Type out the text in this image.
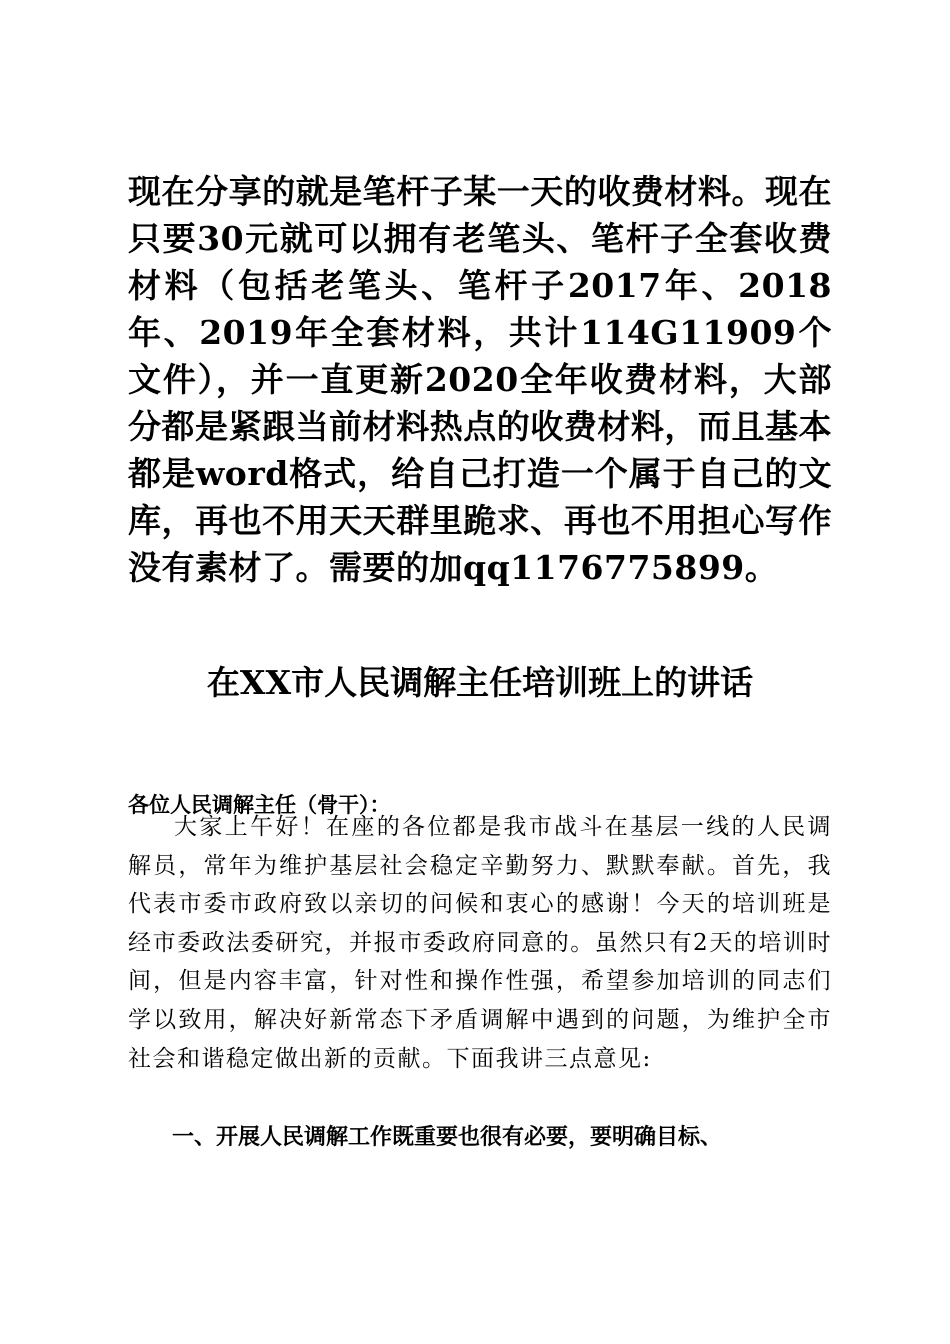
现在分享的就是笔杆子某一天的收费材料。现在只要30元就可以拥有老笔头、笔杆子全套收费材料（包括老笔头、笔杆子2017年、2018年、2019年全套材料，共计114G11909个文件），并一直更新2020全年收费材料，大部分都是紧跟当前材料热点的收费材料，而且基本都是word格式，给自己打造一个属于自己的文库，再也不用天天群里跪求、再也不用担心写作没有素材了。需要的加qq1176775899。

在XX市人民调解主任培训班上的讲话

各位人民调解主任（骨干）：

大家上午好！在座的各位都是我市战斗在基层一线的人民调解员，常年为维护基层社会稳定辛勤努力、默默奉献。首先，我代表市委市政府致以亲切的问候和衷心的感谢！今天的培训班是经市委政法委研究，并报市委政府同意的。虽然只有2天的培训时间，但是内容丰富，针对性和操作性强，希望参加培训的同志们学以致用，解决好新常态下矛盾调解中遇到的问题，为维护全市社会和谐稳定做出新的贡献。下面我讲三点意见:

一、开展人民调解工作既重要也很有必要，要明确目标、
